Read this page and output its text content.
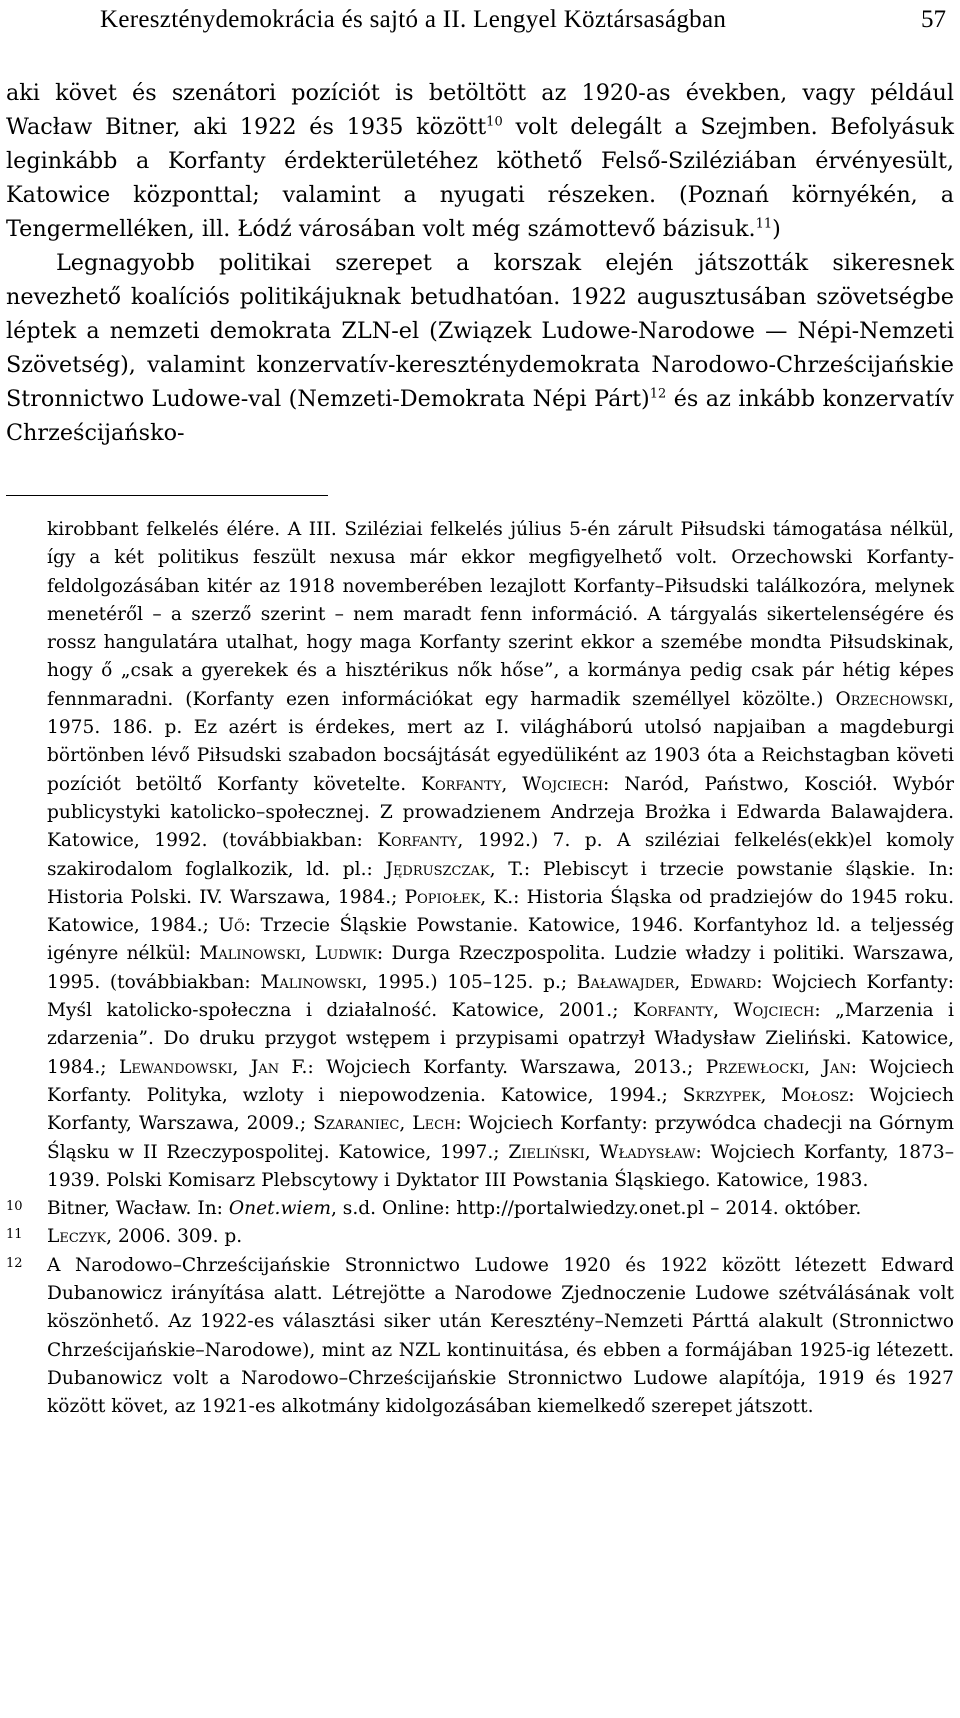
Kereszténydemokrácia és sajtó a II. Lengyel Köztársaságban	57

aki követ és szenátori pozíciót is betöltött az 1920-as években, vagy például Wacław Bitner, aki 1922 és 1935 között$^{10}$ volt delegált a Szejmben. Befolyásuk leginkább a Korfanty érdekterületéhez köthető Felső-Sziléziában érvényesült, Katowice központtal; valamint a nyugati részeken. (Poznań környékén, a Tengermelléken, ill. Łódź városában volt még számottevő bázisuk.$^{11}$)

Legnagyobb politikai szerepet a korszak elején játszották sikeresnek nevezhető koalíciós politikájuknak betudhatóan. 1922 augusztusában szövetségbe léptek a nemzeti demokrata ZLN-el (Związek Ludowe-Narodowe — Népi-Nemzeti Szövetség), valamint konzervatív-kereszténydemokrata Narodowo-Chrześcijańskie Stronnictwo Ludowe-val (Nemzeti-Demokrata Népi Párt)$^{12}$ és az inkább konzervatív Chrześcijańsko-

kirobbant felkelés élére. A III. Sziléziai felkelés július 5-én zárult Piłsudski támogatása nélkül, így a két politikus feszült nexusa már ekkor megfigyelhető volt. Orzechowski Korfanty-feldolgozásában kitér az 1918 novemberében lezajlott Korfanty–Piłsudski találkozóra, melynek menetéről – a szerző szerint – nem maradt fenn információ. A tárgyalás sikertelenségére és rossz hangulatára utalhat, hogy maga Korfanty szerint ekkor a szemébe mondta Piłsudskinak, hogy ő „csak a gyerekek és a hisztérikus nők hőse”, a kormánya pedig csak pár hétig képes fennmaradni. (Korfanty ezen információkat egy harmadik személlyel közölte.) Orzechowski, 1975. 186. p. Ez azért is érdekes, mert az I. világháború utolsó napjaiban a magdeburgi börtönben lévő Piłsudski szabadon bocsájtását egyedüliként az 1903 óta a Reichstagban követi pozíciót betöltő Korfanty követelte. Korfanty, Wojciech: Naród, Państwo, Kosciół. Wybór publicystyki katolicko–społecznej. Z prowadzienem Andrzeja Brożka i Edwarda Balawajdera. Katowice, 1992. (továbbiakban: Korfanty, 1992.) 7. p. A sziléziai felkelés(ekk)el komoly szakirodalom foglalkozik, ld. pl.: Jędruszczak, T.: Plebiscyt i trzecie powstanie śląskie. In: Historia Polski. IV. Warszawa, 1984.; Popiołek, K.: Historia Śląska od pradziejów do 1945 roku. Katowice, 1984.; Uő: Trzecie Śląskie Powstanie. Katowice, 1946. Korfantyhoz ld. a teljesség igényre nélkül: Malinowski, Ludwik: Durga Rzeczpospolita. Ludzie władzy i politiki. Warszawa, 1995. (továbbiakban: Malinowski, 1995.) 105–125. p.; Baławajder, Edward: Wojciech Korfanty: Myśl katolicko-społeczna i działalność. Katowice, 2001.; Korfanty, Wojciech: „Marzenia i zdarzenia”. Do druku przygot wstępem i przypisami opatrzył Władysław Zieliński. Katowice, 1984.; Lewandowski, Jan F.: Wojciech Korfanty. Warszawa, 2013.; Przewłocki, Jan: Wojciech Korfanty. Polityka, wzloty i niepowodzenia. Katowice, 1994.; Skrzypek, Mołosz: Wojciech Korfanty, Warszawa, 2009.; Szaraniec, Lech: Wojciech Korfanty: przywódca chadecji na Górnym Śląsku w II Rzeczypospolitej. Katowice, 1997.; Zieliński, Władysław: Wojciech Korfanty, 1873–1939. Polski Komisarz Plebscytowy i Dyktator III Powstania Śląskiego. Katowice, 1983.

10 Bitner, Wacław. In: Onet.wiem, s.d. Online: http://portalwiedzy.onet.pl – 2014. október.

11 Leczyk, 2006. 309. p.

12 A Narodowo–Chrześcijańskie Stronnictwo Ludowe 1920 és 1922 között létezett Edward Dubanowicz irányítása alatt. Létrejötte a Narodowe Zjednoczenie Ludowe szétválásának volt köszönhető. Az 1922-es választási siker után Keresztény–Nemzeti Párttá alakult (Stronnictwo Chrześcijańskie–Narodowe), mint az NZL kontinuitása, és ebben a formájában 1925-ig létezett. Dubanowicz volt a Narodowo–Chrześcijańskie Stronnictwo Ludowe alapítója, 1919 és 1927 között követ, az 1921-es alkotmány kidolgozásában kiemelkedő szerepet játszott.
